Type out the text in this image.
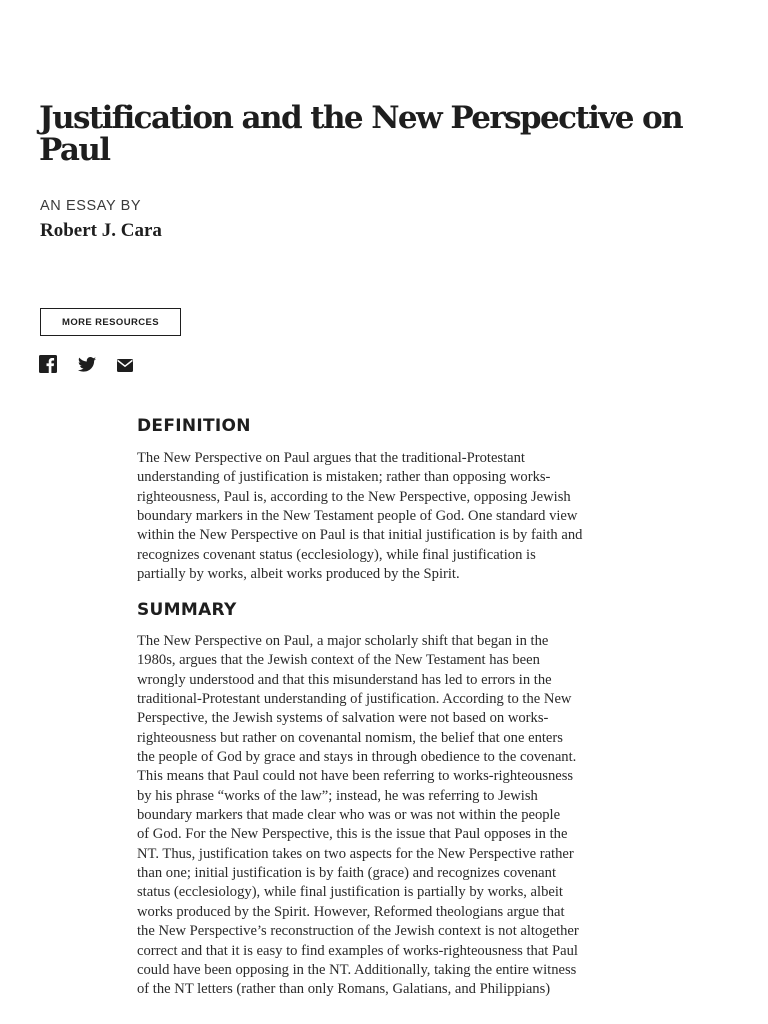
Justification and the New Perspective on Paul
AN ESSAY BY
Robert J. Cara
MORE RESOURCES
DEFINITION

The New Perspective on Paul argues that the traditional-Protestant
understanding of justification is mistaken; rather than opposing works-
righteousness, Paul is, according to the New Perspective, opposing Jewish
boundary markers in the New Testament people of God. One standard view
within the New Perspective on Paul is that initial justification is by faith and
recognizes covenant status (ecclesiology), while final justification is
partially by works, albeit works produced by the Spirit.

SUMMARY

The New Perspective on Paul, a major scholarly shift that began in the
1980s, argues that the Jewish context of the New Testament has been
wrongly understood and that this misunderstand has led to errors in the
traditional-Protestant understanding of justification. According to the New
Perspective, the Jewish systems of salvation were not based on works-
righteousness but rather on covenantal nomism, the belief that one enters
the people of God by grace and stays in through obedience to the covenant.
This means that Paul could not have been referring to works-righteousness
by his phrase “works of the law”; instead, he was referring to Jewish
boundary markers that made clear who was or was not within the people
of God. For the New Perspective, this is the issue that Paul opposes in the
NT. Thus, justification takes on two aspects for the New Perspective rather
than one; initial justification is by faith (grace) and recognizes covenant
status (ecclesiology), while final justification is partially by works, albeit
works produced by the Spirit. However, Reformed theologians argue that
the New Perspective’s reconstruction of the Jewish context is not altogether
correct and that it is easy to find examples of works-righteousness that Paul
could have been opposing in the NT. Additionally, taking the entire witness
of the NT letters (rather than only Romans, Galatians, and Philippians)
